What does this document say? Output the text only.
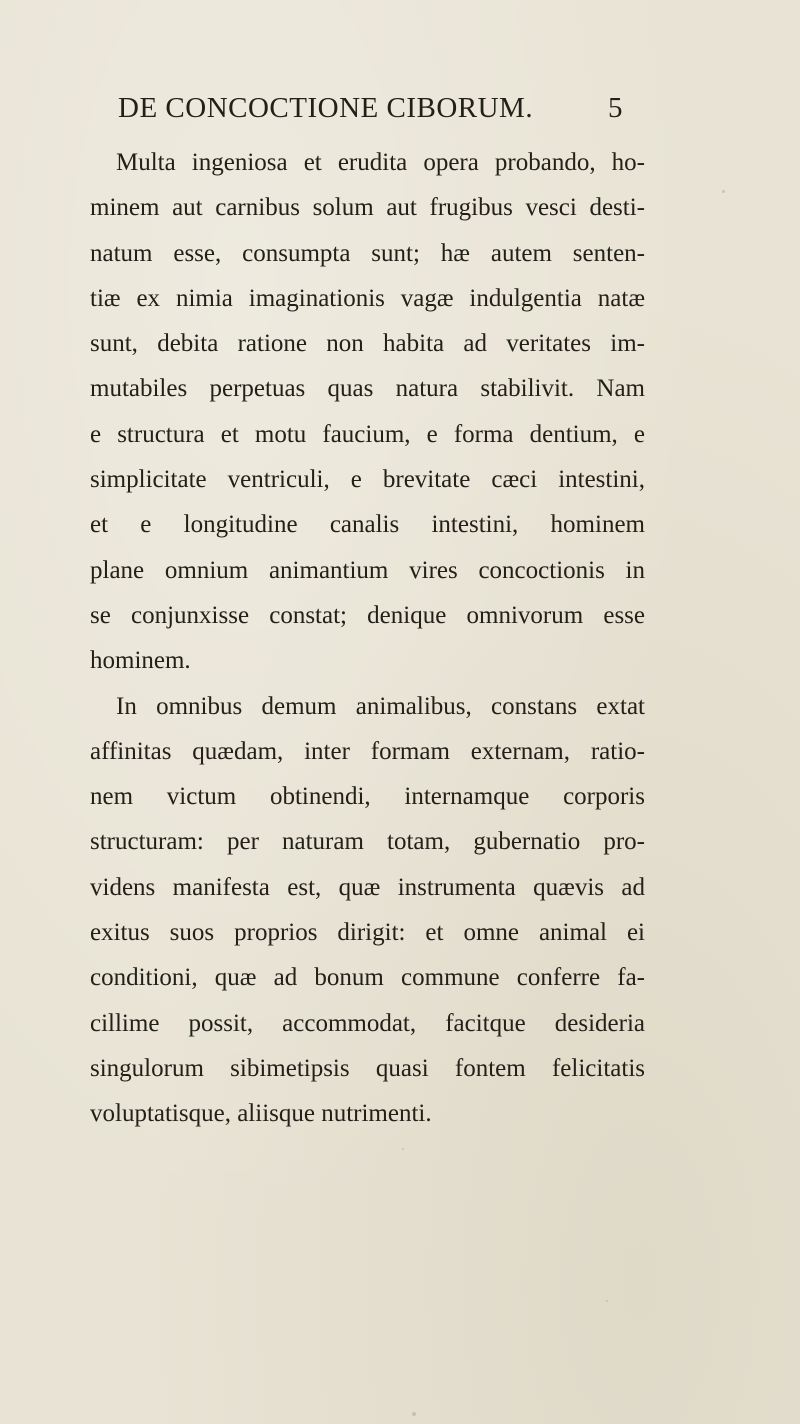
DE CONCOCTIONE CIBORUM.	5
Multa ingeniosa et erudita opera probando, ho-
minem aut carnibus solum aut frugibus vesci desti-
natum esse, consumpta sunt; hæ autem senten-
tiæ ex nimia imaginationis vagæ indulgentia natæ
sunt, debita ratione non habita ad veritates im-
mutabiles perpetuas quas natura stabilivit. Nam
e structura et motu faucium, e forma dentium, e
simplicitate ventriculi, e brevitate cæci intestini,
et e longitudine canalis intestini, hominem
plane omnium animantium vires concoctionis in
se conjunxisse constat; denique omnivorum esse
hominem.
In omnibus demum animalibus, constans extat
affinitas quædam, inter formam externam, ratio-
nem victum obtinendi, internamque corporis
structuram: per naturam totam, gubernatio pro-
videns manifesta est, quæ instrumenta quævis ad
exitus suos proprios dirigit: et omne animal ei
conditioni, quæ ad bonum commune conferre fa-
cillime possit, accommodat, facitque desideria
singulorum sibimetipsis quasi fontem felicitatis
voluptatisque, aliisque nutrimenti.
